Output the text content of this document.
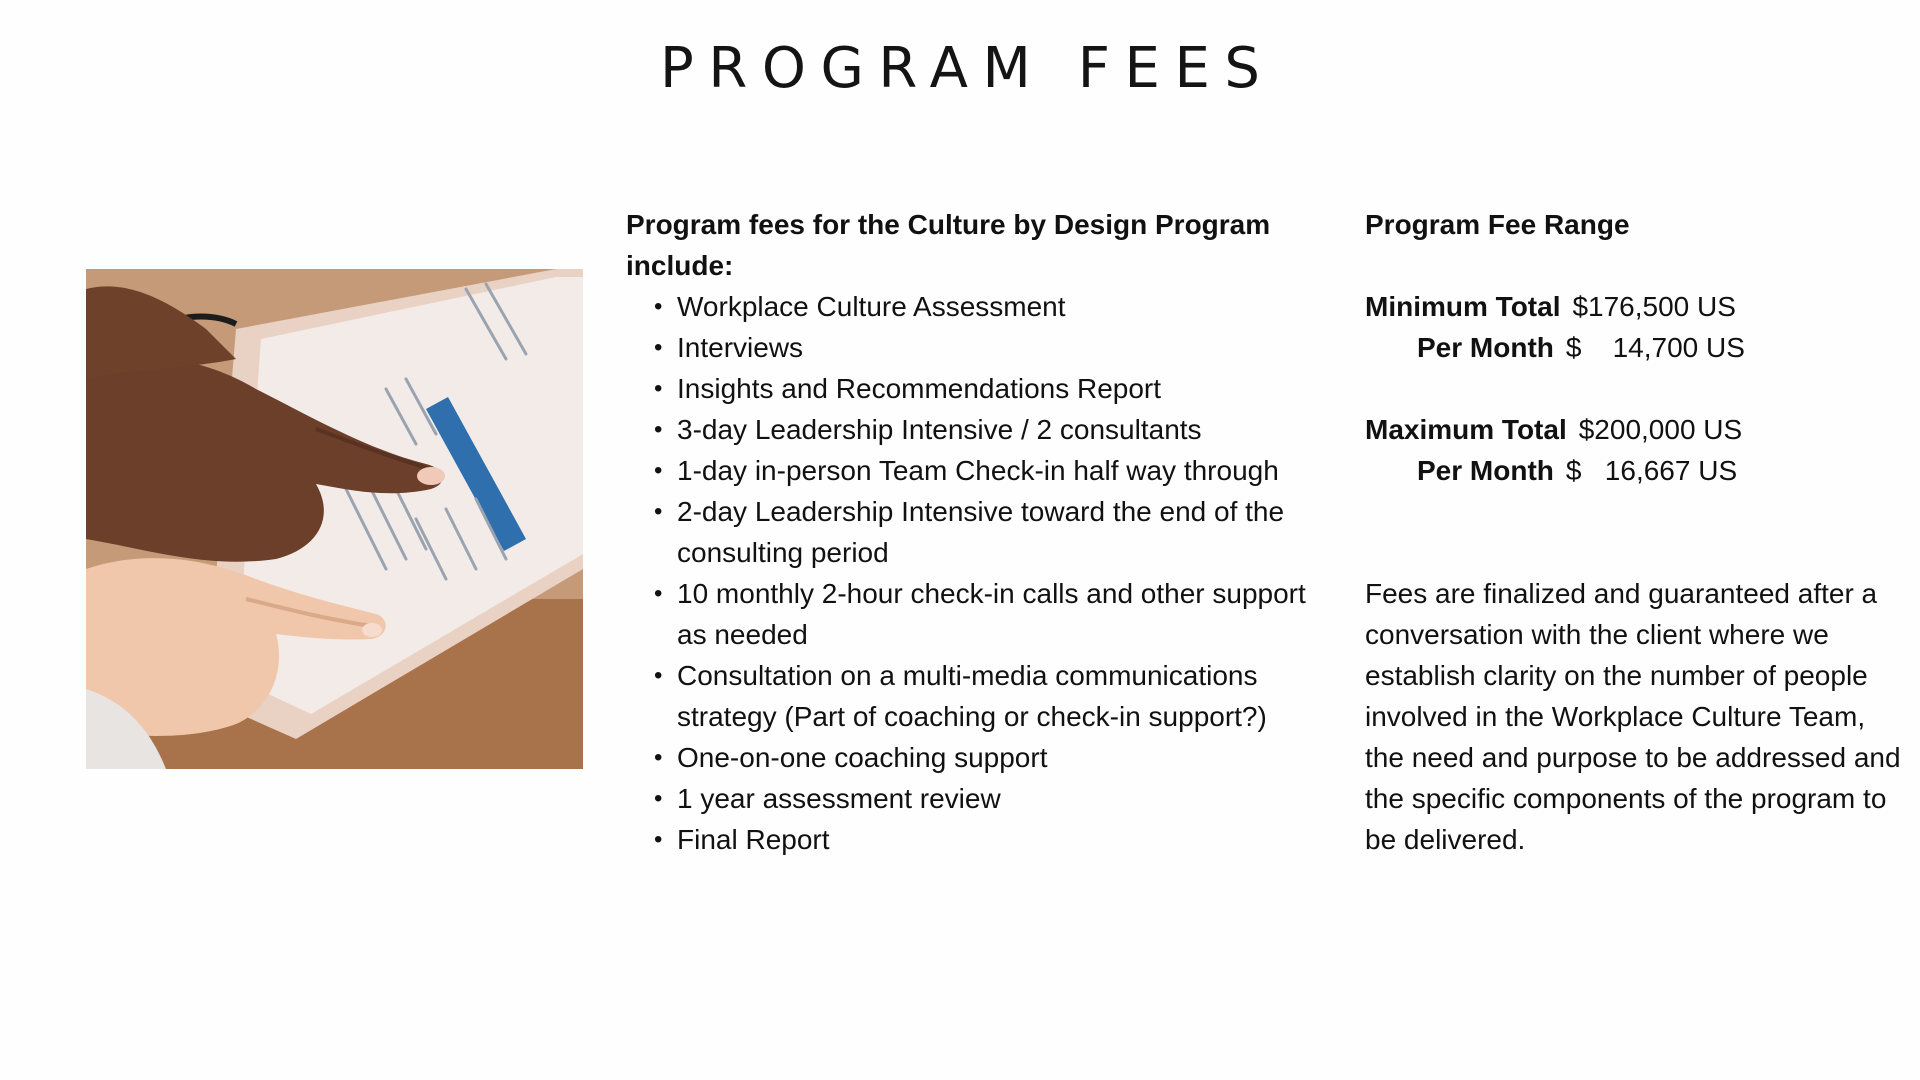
PROGRAM FEES

Program fees for the Culture by Design Program include:

• Workplace Culture Assessment
• Interviews
• Insights and Recommendations Report
• 3-day Leadership Intensive / 2 consultants
• 1-day in-person Team Check-in half way through
• 2-day Leadership Intensive toward the end of the consulting period
• 10 monthly 2-hour check-in calls and other support as needed
• Consultation on a multi-media communications strategy (Part of coaching or check-in support?)
• One-on-one coaching support
• 1 year assessment review
• Final Report

Program Fee Range

Minimum Total $176,500 US
Per Month $    14,700 US
Maximum Total $200,000 US
Per Month $   16,667 US

Fees are finalized and guaranteed after a conversation with the client where we establish clarity on the number of people involved in the Workplace Culture Team, the need and purpose to be addressed and the specific components of the program to be delivered.
